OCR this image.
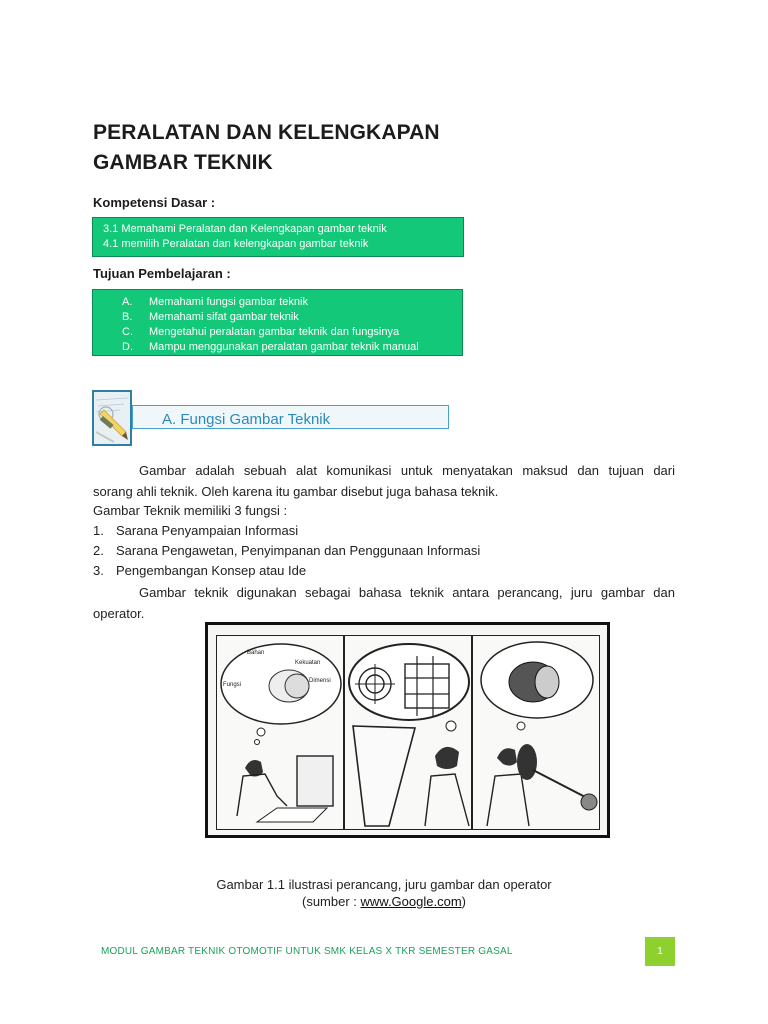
PERALATAN DAN KELENGKAPAN
GAMBAR TEKNIK
Kompetensi Dasar :
3.1 Memahami Peralatan dan Kelengkapan gambar teknik
4.1 memilih Peralatan dan kelengkapan gambar teknik
Tujuan Pembelajaran :
A.	Memahami fungsi gambar teknik
B.	Memahami sifat gambar teknik
C.	Mengetahui peralatan gambar teknik dan fungsinya
D.	Mampu menggunakan peralatan gambar teknik manual
A. Fungsi Gambar Teknik
Gambar adalah sebuah alat komunikasi untuk menyatakan maksud dan tujuan dari
sorang ahli teknik. Oleh karena itu gambar disebut juga bahasa teknik.
Gambar Teknik memiliki 3 fungsi :
1. Sarana Penyampaian Informasi
2. Sarana Pengawetan, Penyimpanan dan Penggunaan Informasi
3. Pengembangan Konsep atau Ide
Gambar teknik digunakan sebagai bahasa teknik antara perancang, juru gambar dan
operator.
Bahan
Kekuatan
Dimensi
Fungsi
Gambar 1.1 ilustrasi perancang, juru gambar dan operator
(sumber : www.Google.com)
MODUL GAMBAR TEKNIK OTOMOTIF UNTUK SMK KELAS X TKR SEMESTER GASAL	1
